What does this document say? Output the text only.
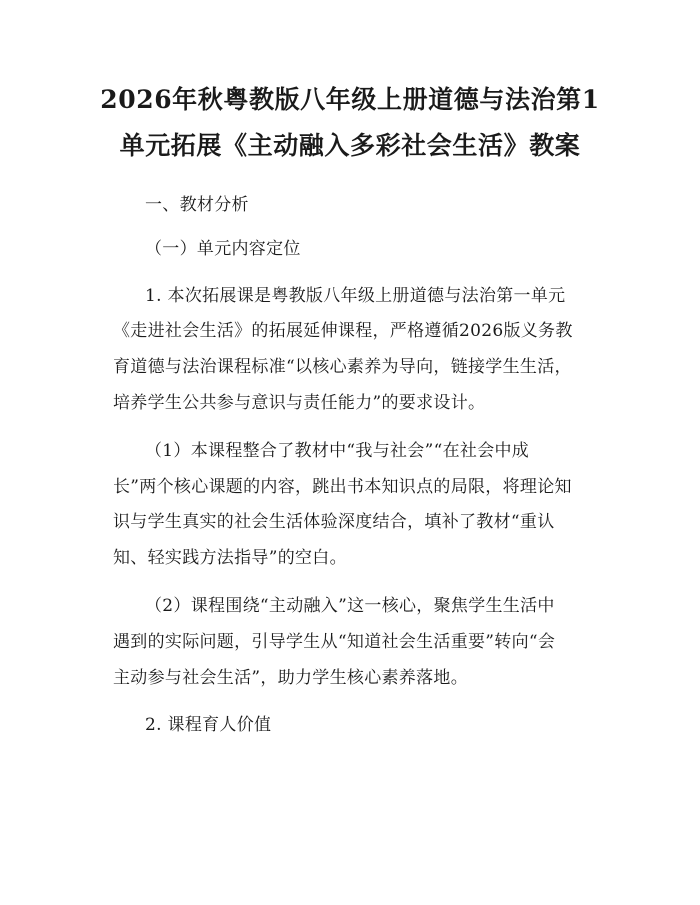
2026年秋粤教版八年级上册道德与法治第1
单元拓展《主动融入多彩社会生活》教案
一、教材分析
（一）单元内容定位
1. 本次拓展课是粤教版八年级上册道德与法治第一单元
《走进社会生活》的拓展延伸课程，严格遵循2026版义务教
育道德与法治课程标准“以核心素养为导向，链接学生生活，
培养学生公共参与意识与责任能力”的要求设计。
（1）本课程整合了教材中“我与社会”“在社会中成
长”两个核心课题的内容，跳出书本知识点的局限，将理论知
识与学生真实的社会生活体验深度结合，填补了教材“重认
知、轻实践方法指导”的空白。
（2）课程围绕“主动融入”这一核心，聚焦学生生活中
遇到的实际问题，引导学生从“知道社会生活重要”转向“会
主动参与社会生活”，助力学生核心素养落地。
2. 课程育人价值
